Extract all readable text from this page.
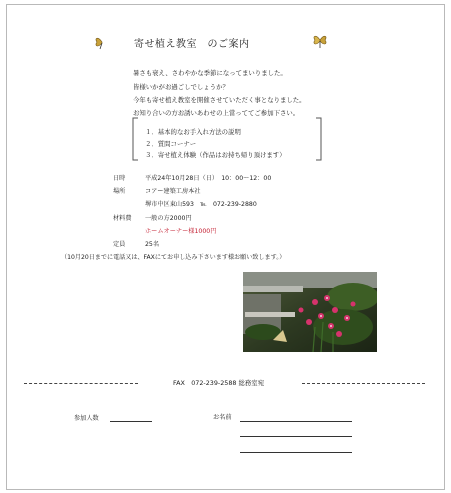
寄せ植え教室　のご案内
暑さも衰え、さわやかな季節になってまいりました。
皆様いかがお過ごしでしょうか？
今年も寄せ植え教室を開催させていただく事となりました。
お知り合いの方お誘いあわせの上當っててご参加下さい。
１．基本的なお手入れ方法の説明
２．質問コーナー
３．寄せ植え体験（作品はお持ち帰り頂けます）
日時	平成24年10月28日（日）　10：00～12：00
場所	コアー建築工房本社
堺市中区東山593　℡　072-239-2880
材料費 一般の方2000円
ホームオーナー様1000円
定員	25名
（10月20日までに電話又は、FAXにてお申し込み下さいます様お願い致します。）
FAX　072-239-2588 総務室宛
参加人数	お名前
